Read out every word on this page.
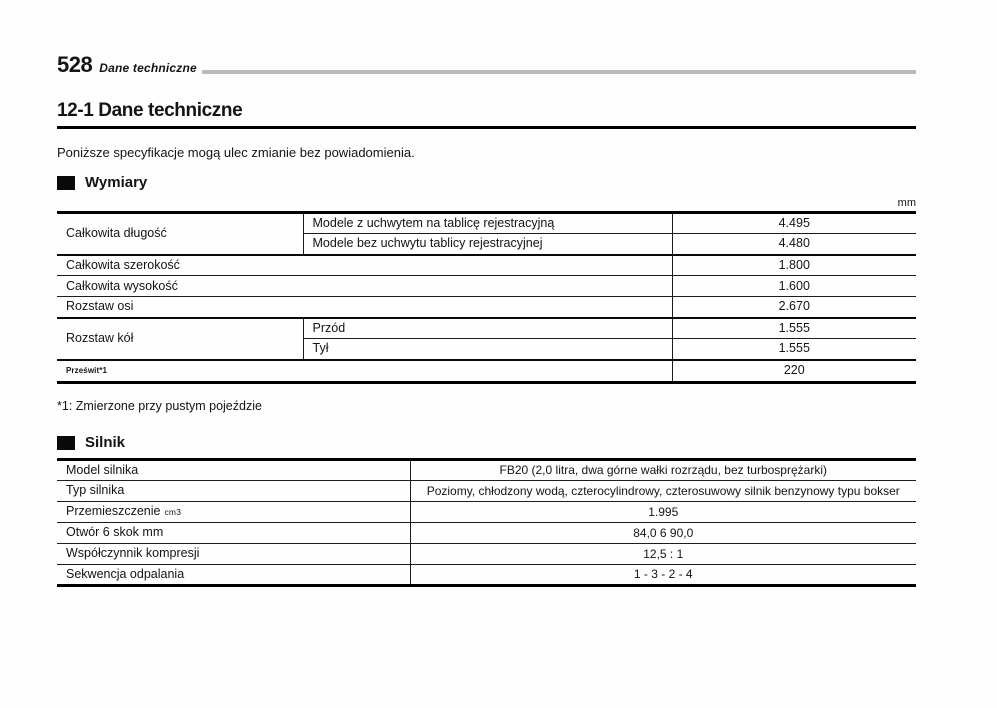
528 Dane techniczne
12-1 Dane techniczne

Poniższe specyfikacje mogą ulec zmianie bez powiadomienia.

Wymiary
mm
Całkowita długość	Modele z uchwytem na tablicę rejestracyjną	4.495
	Modele bez uchwytu tablicy rejestracyjnej	4.480
Całkowita szerokość		1.800
Całkowita wysokość		1.600
Rozstaw osi		2.670
Rozstaw kół	Przód	1.555
	Tył	1.555
Prześwit*1		220

*1: Zmierzone przy pustym pojeździe

Silnik
Model silnika	FB20 (2,0 litra, dwa górne wałki rozrządu, bez turbosprężarki)
Typ silnika	Poziomy, chłodzony wodą, czterocylindrowy, czterosuwowy silnik benzynowy typu bokser
Przemieszczenie cm3	1.995
Otwór 6 skok mm	84,0 6 90,0
Współczynnik kompresji	12,5 : 1
Sekwencja odpalania	1 - 3 - 2 - 4
